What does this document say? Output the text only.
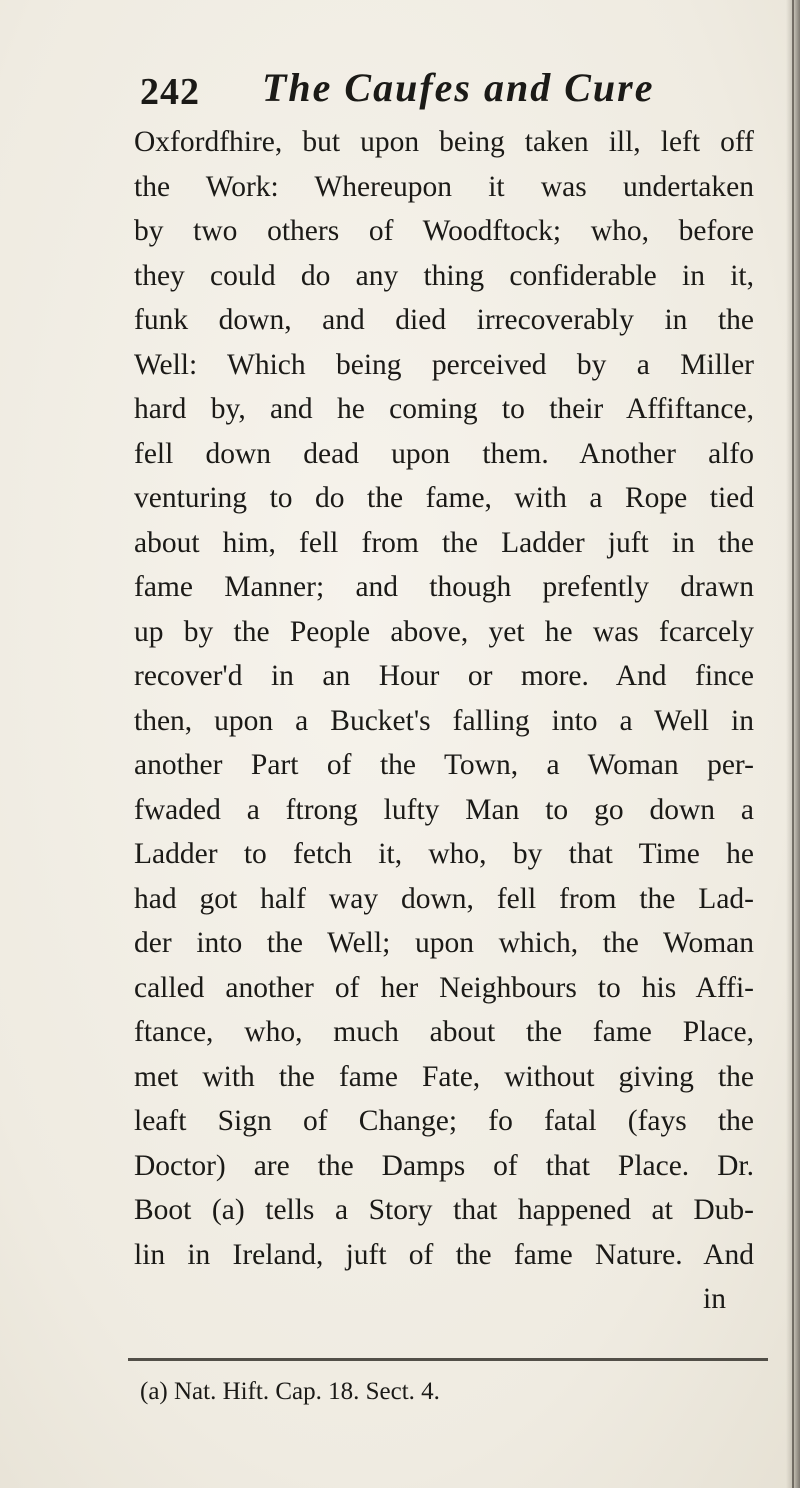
242 The Caufes and Cure
Oxfordfhire, but upon being taken ill, left off
the Work: Whereupon it was undertaken
by two others of Woodftock; who, before
they could do any thing confiderable in it,
funk down, and died irrecoverably in the
Well: Which being perceived by a Miller
hard by, and he coming to their Affiftance,
fell down dead upon them. Another alfo
venturing to do the fame, with a Rope tied
about him, fell from the Ladder juft in the
fame Manner; and though prefently drawn
up by the People above, yet he was fcarcely
recover'd in an Hour or more. And fince
then, upon a Bucket's falling into a Well in
another Part of the Town, a Woman per-
fwaded a ftrong lufty Man to go down a
Ladder to fetch it, who, by that Time he
had got half way down, fell from the Lad-
der into the Well; upon which, the Woman
called another of her Neighbours to his Affi-
ftance, who, much about the fame Place,
met with the fame Fate, without giving the
leaft Sign of Change; fo fatal (fays the
Doctor) are the Damps of that Place. Dr.
Boot (a) tells a Story that happened at Dub-
lin in Ireland, juft of the fame Nature. And
in
(a) Nat. Hift. Cap. 18. Sect. 4.
